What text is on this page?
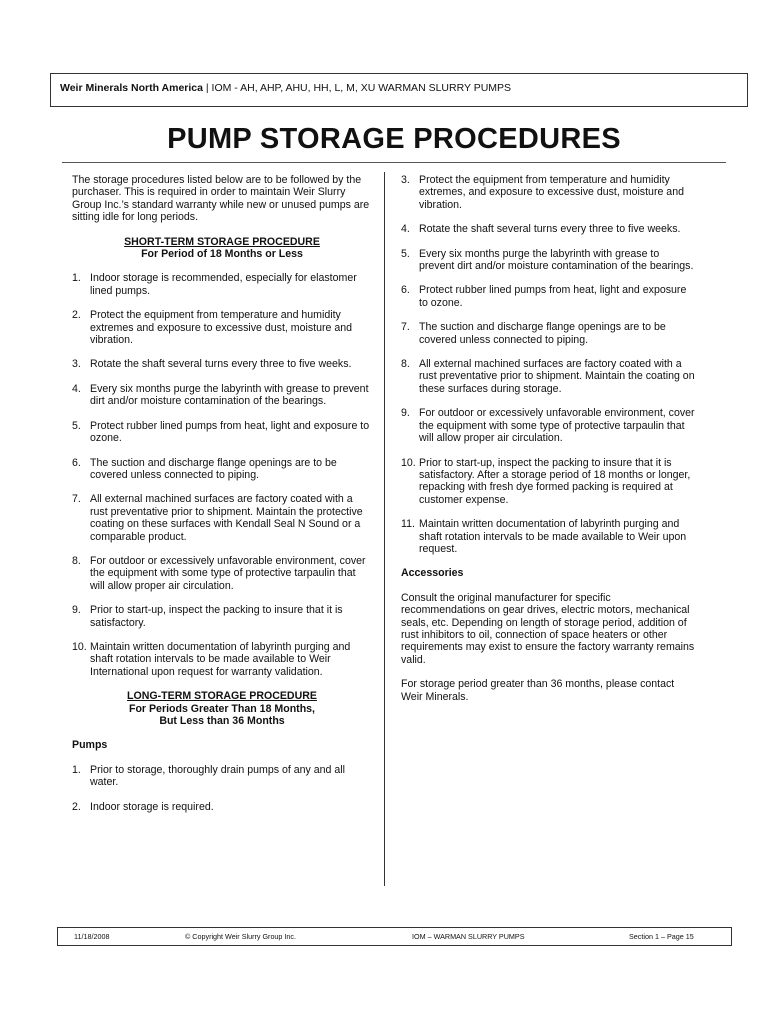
Weir Minerals North America | IOM - AH, AHP, AHU, HH, L, M, XU WARMAN SLURRY PUMPS
PUMP STORAGE PROCEDURES

The storage procedures listed below are to be followed by the purchaser. This is required in order to maintain Weir Slurry Group Inc.’s standard warranty while new or unused pumps are sitting idle for long periods.

SHORT-TERM STORAGE PROCEDURE
For Period of 18 Months or Less
1. Indoor storage is recommended, especially for elastomer lined pumps.
2. Protect the equipment from temperature and humidity extremes and exposure to excessive dust, moisture and vibration.
3. Rotate the shaft several turns every three to five weeks.
4. Every six months purge the labyrinth with grease to prevent dirt and/or moisture contamination of the bearings.
5. Protect rubber lined pumps from heat, light and exposure to ozone.
6. The suction and discharge flange openings are to be covered unless connected to piping.
7. All external machined surfaces are factory coated with a rust preventative prior to shipment. Maintain the protective coating on these surfaces with Kendall Seal N Sound or a comparable product.
8. For outdoor or excessively unfavorable environment, cover the equipment with some type of protective tarpaulin that will allow proper air circulation.
9. Prior to start-up, inspect the packing to insure that it is satisfactory.
10. Maintain written documentation of labyrinth purging and shaft rotation intervals to be made available to Weir International upon request for warranty validation.
LONG-TERM STORAGE PROCEDURE
For Periods Greater Than 18 Months,
But Less than 36 Months
Pumps
1. Prior to storage, thoroughly drain pumps of any and all water.
2. Indoor storage is required.
3. Protect the equipment from temperature and humidity extremes, and exposure to excessive dust, moisture and vibration.
4. Rotate the shaft several turns every three to five weeks.
5. Every six months purge the labyrinth with grease to prevent dirt and/or moisture contamination of the bearings.
6. Protect rubber lined pumps from heat, light and exposure to ozone.
7. The suction and discharge flange openings are to be covered unless connected to piping.
8. All external machined surfaces are factory coated with a rust preventative prior to shipment. Maintain the coating on these surfaces during storage.
9. For outdoor or excessively unfavorable environment, cover the equipment with some type of protective tarpaulin that will allow proper air circulation.
10. Prior to start-up, inspect the packing to insure that it is satisfactory. After a storage period of 18 months or longer, repacking with fresh dye formed packing is required at customer expense.
11. Maintain written documentation of labyrinth purging and shaft rotation intervals to be made available to Weir upon request.
Accessories

Consult the original manufacturer for specific recommendations on gear drives, electric motors, mechanical seals, etc. Depending on length of storage period, addition of rust inhibitors to oil, connection of space heaters or other requirements may exist to ensure the factory warranty remains valid.

For storage period greater than 36 months, please contact Weir Minerals.

11/18/2008	© Copyright Weir Slurry Group Inc.	IOM – WARMAN SLURRY PUMPS	Section 1 – Page 15
